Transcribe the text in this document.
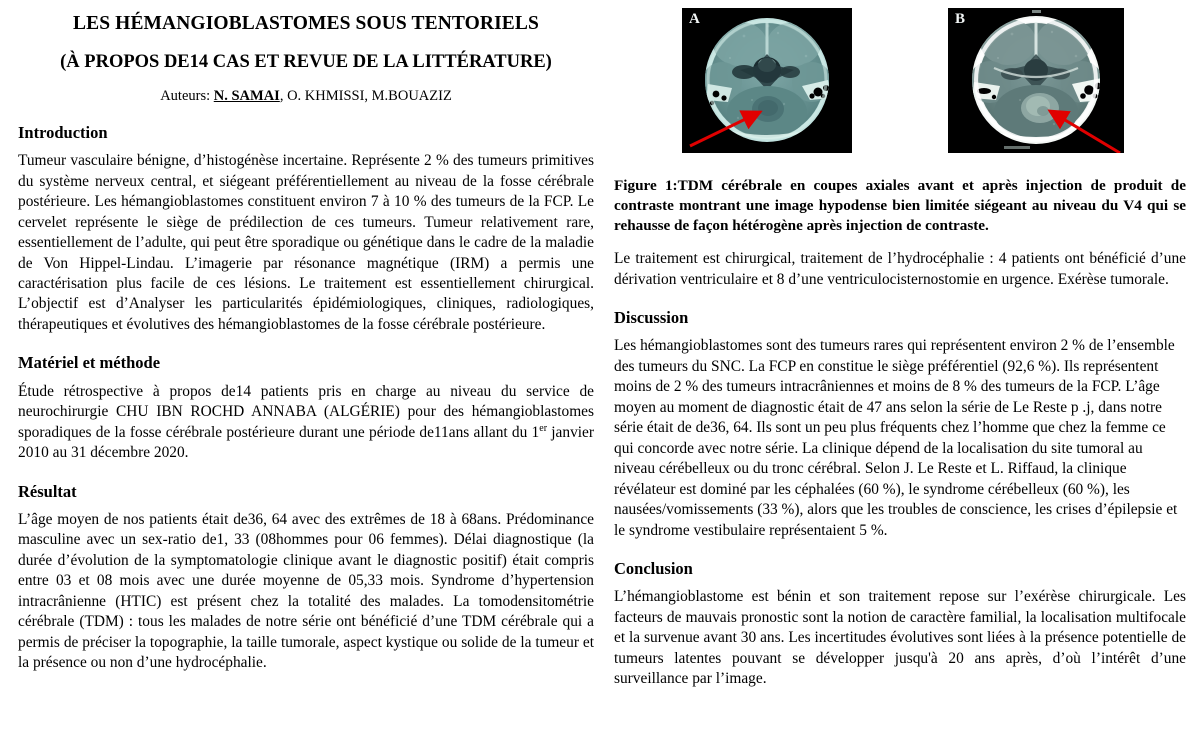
LES HÉMANGIOBLASTOMES SOUS TENTORIELS
(À PROPOS DE14 CAS ET REVUE DE LA LITTÉRATURE)
Auteurs: N. SAMAI, O. KHMISSI, M.BOUAZIZ
Introduction

Tumeur vasculaire bénigne, d’histogénèse incertaine. Représente 2 % des tumeurs primitives du système nerveux central, et siégeant préférentiellement au niveau de la fosse cérébrale postérieure. Les hémangioblastomes constituent environ 7 à 10 % des tumeurs de la FCP. Le cervelet représente le siège de prédilection de ces tumeurs. Tumeur relativement rare, essentiellement de l’adulte, qui peut être sporadique ou génétique dans le cadre de la maladie de Von Hippel-Lindau. L’imagerie par résonance magnétique (IRM) a permis une caractérisation plus facile de ces lésions. Le traitement est essentiellement chirurgical. L’objectif est d’Analyser les particularités épidémiologiques, cliniques, radiologiques, thérapeutiques et évolutives des hémangioblastomes de la fosse cérébrale postérieure.

Matériel et méthode

Étude rétrospective à propos de14 patients pris en charge au niveau du service de neurochirurgie CHU IBN ROCHD ANNABA (ALGÉRIE) pour des hémangioblastomes sporadiques de la fosse cérébrale postérieure durant une période de11ans allant du 1er janvier 2010 au 31 décembre 2020.

Résultat

L’âge moyen de nos patients était de36, 64 avec des extrêmes de 18 à 68ans. Prédominance masculine avec un sex-ratio de1, 33 (08hommes pour 06 femmes). Délai diagnostique (la durée d’évolution de la symptomatologie clinique avant le diagnostic positif) était compris entre 03 et 08 mois avec une durée moyenne de 05,33 mois. Syndrome d’hypertension intracrânienne (HTIC) est présent chez la totalité des malades. La tomodensitométrie cérébrale (TDM) : tous les malades de notre série ont bénéficié d’une TDM cérébrale qui a permis de préciser la topographie, la taille tumorale, aspect kystique ou solide de la tumeur et la présence ou non d’une hydrocéphalie.

A	B

Figure 1:TDM cérébrale en coupes axiales avant et après injection de produit de contraste montrant une image hypodense bien limitée siégeant au niveau du V4 qui se rehausse de façon hétérogène après injection de contraste.

Le traitement est chirurgical, traitement de l’hydrocéphalie : 4 patients ont bénéficié d’une dérivation ventriculaire et 8 d’une ventriculocisternostomie en urgence. Exérèse tumorale.

Discussion

Les hémangioblastomes sont des tumeurs rares qui représentent environ 2 % de l’ensemble des tumeurs du SNC. La FCP en constitue le siège préférentiel (92,6 %). Ils représentent moins de 2 % des tumeurs intracrâniennes et moins de 8 % des tumeurs de la FCP. L’âge moyen au moment de diagnostic était de 47 ans selon la série de Le Reste p .j, dans notre série était de de36, 64. Ils sont un peu plus fréquents chez l’homme que chez la femme ce qui concorde avec notre série. La clinique dépend de la localisation du site tumoral au niveau cérébelleux ou du tronc cérébral. Selon J. Le Reste et L. Riffaud, la clinique révélateur est dominé par les céphalées (60 %), le syndrome cérébelleux (60 %), les nausées/vomissements (33 %), alors que les troubles de conscience, les crises d’épilepsie et le syndrome vestibulaire représentaient 5 %.

Conclusion

L’hémangioblastome est bénin et son traitement repose sur l’exérèse chirurgicale. Les facteurs de mauvais pronostic sont la notion de caractère familial, la localisation multifocale et la survenue avant 30 ans. Les incertitudes évolutives sont liées à la présence potentielle de tumeurs latentes pouvant se développer jusqu'à 20 ans après, d’où l’intérêt d’une surveillance par l’image.
